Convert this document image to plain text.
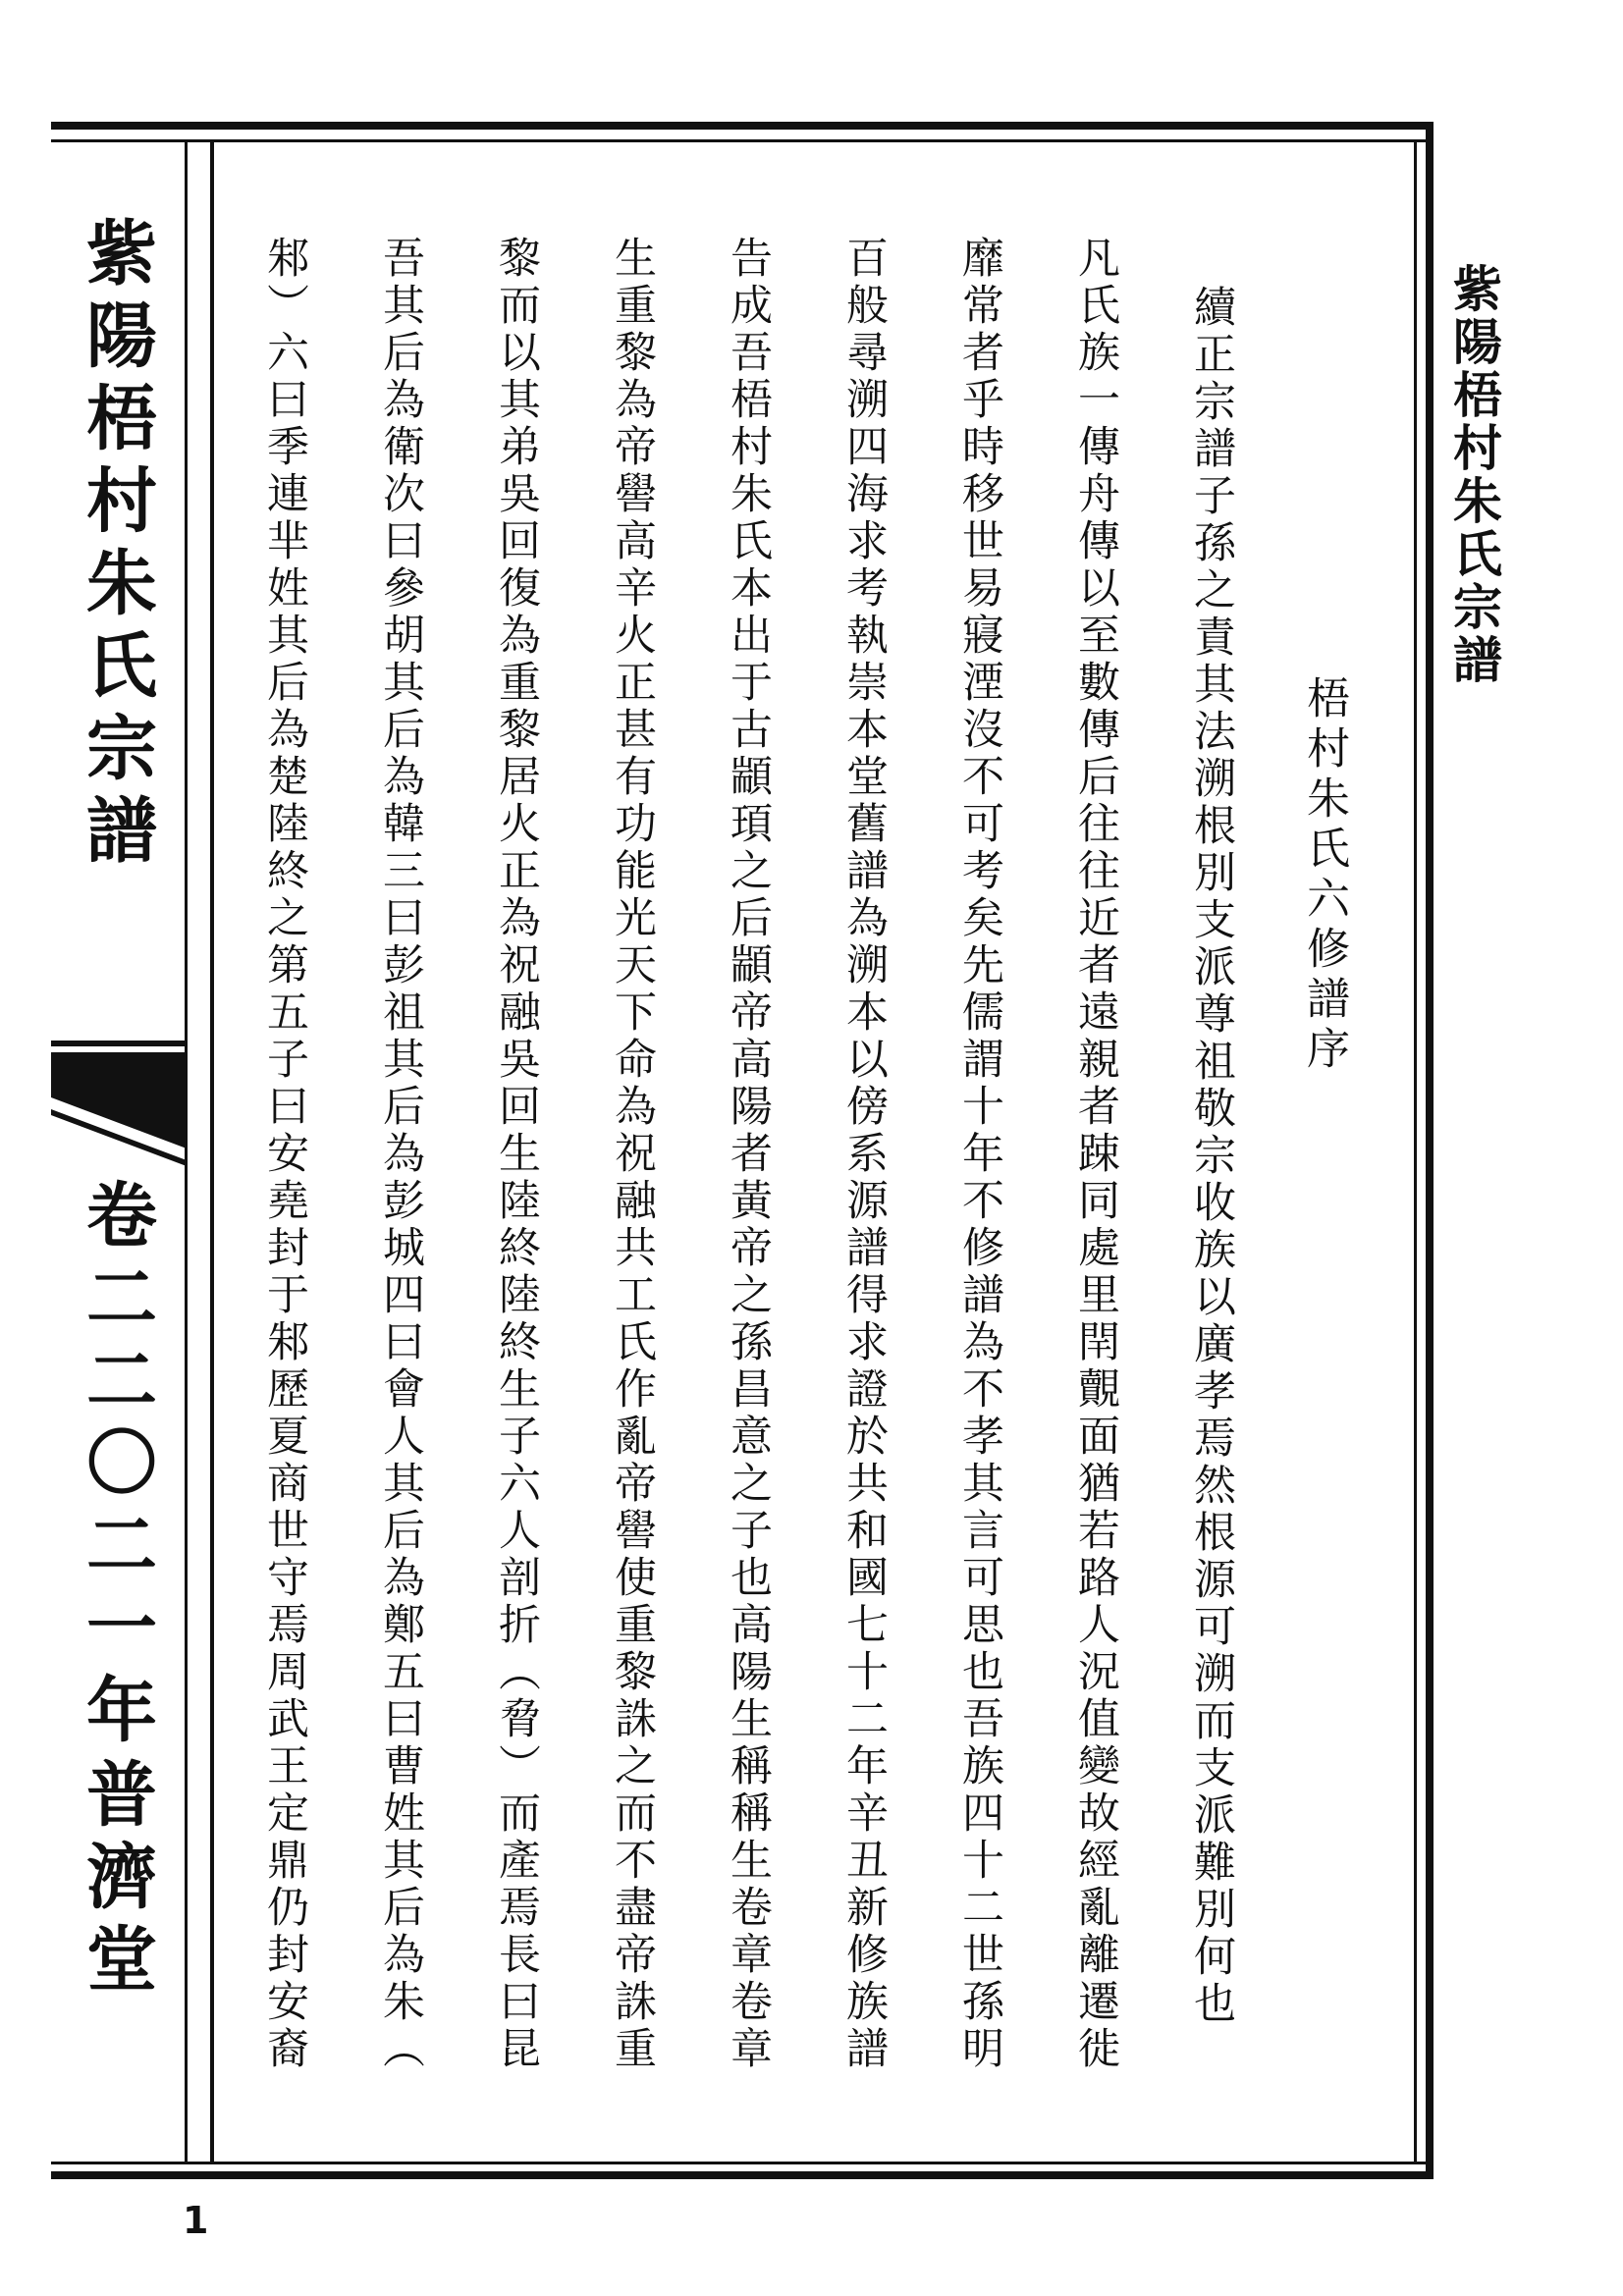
紫陽梧村朱氏宗譜
卷二二〇二一年
普濟堂
紫陽梧村朱氏宗譜
梧村朱氏六修譜序
續正宗譜子孫之責其法溯根別支派尊祖敬宗收族以廣孝焉然根源可溯而支派難別何也
凡氏族一傳舟傳以至數傳后往往近者遠親者踈同處里閈覿面猶若路人況值變故經亂離遷徙
靡常者乎時移世易寢湮沒不可考矣先儒謂十年不修譜為不孝其言可思也吾族四十二世孫明
百般尋溯四海求考執崇本堂舊譜為溯本以傍系源譜得求證於共和國七十二年辛丑新修族譜
告成吾梧村朱氏本出于古顓頊之后顓帝高陽者黃帝之孫昌意之子也高陽生稱稱生卷章卷章
生重黎為帝嚳高辛火正甚有功能光天下命為祝融共工氏作亂帝嚳使重黎誅之而不盡帝誅重
黎而以其弟吳回復為重黎居火正為祝融吳回生陸終陸終生子六人剖折（脅）而產焉長曰昆
吾其后為衛次曰參胡其后為韓三曰彭祖其后為彭城四曰會人其后為鄭五曰曹姓其后為朱（
邾）六曰季連芈姓其后為楚陸終之第五子曰安堯封于邾歷夏商世守焉周武王定鼎仍封安裔
1
